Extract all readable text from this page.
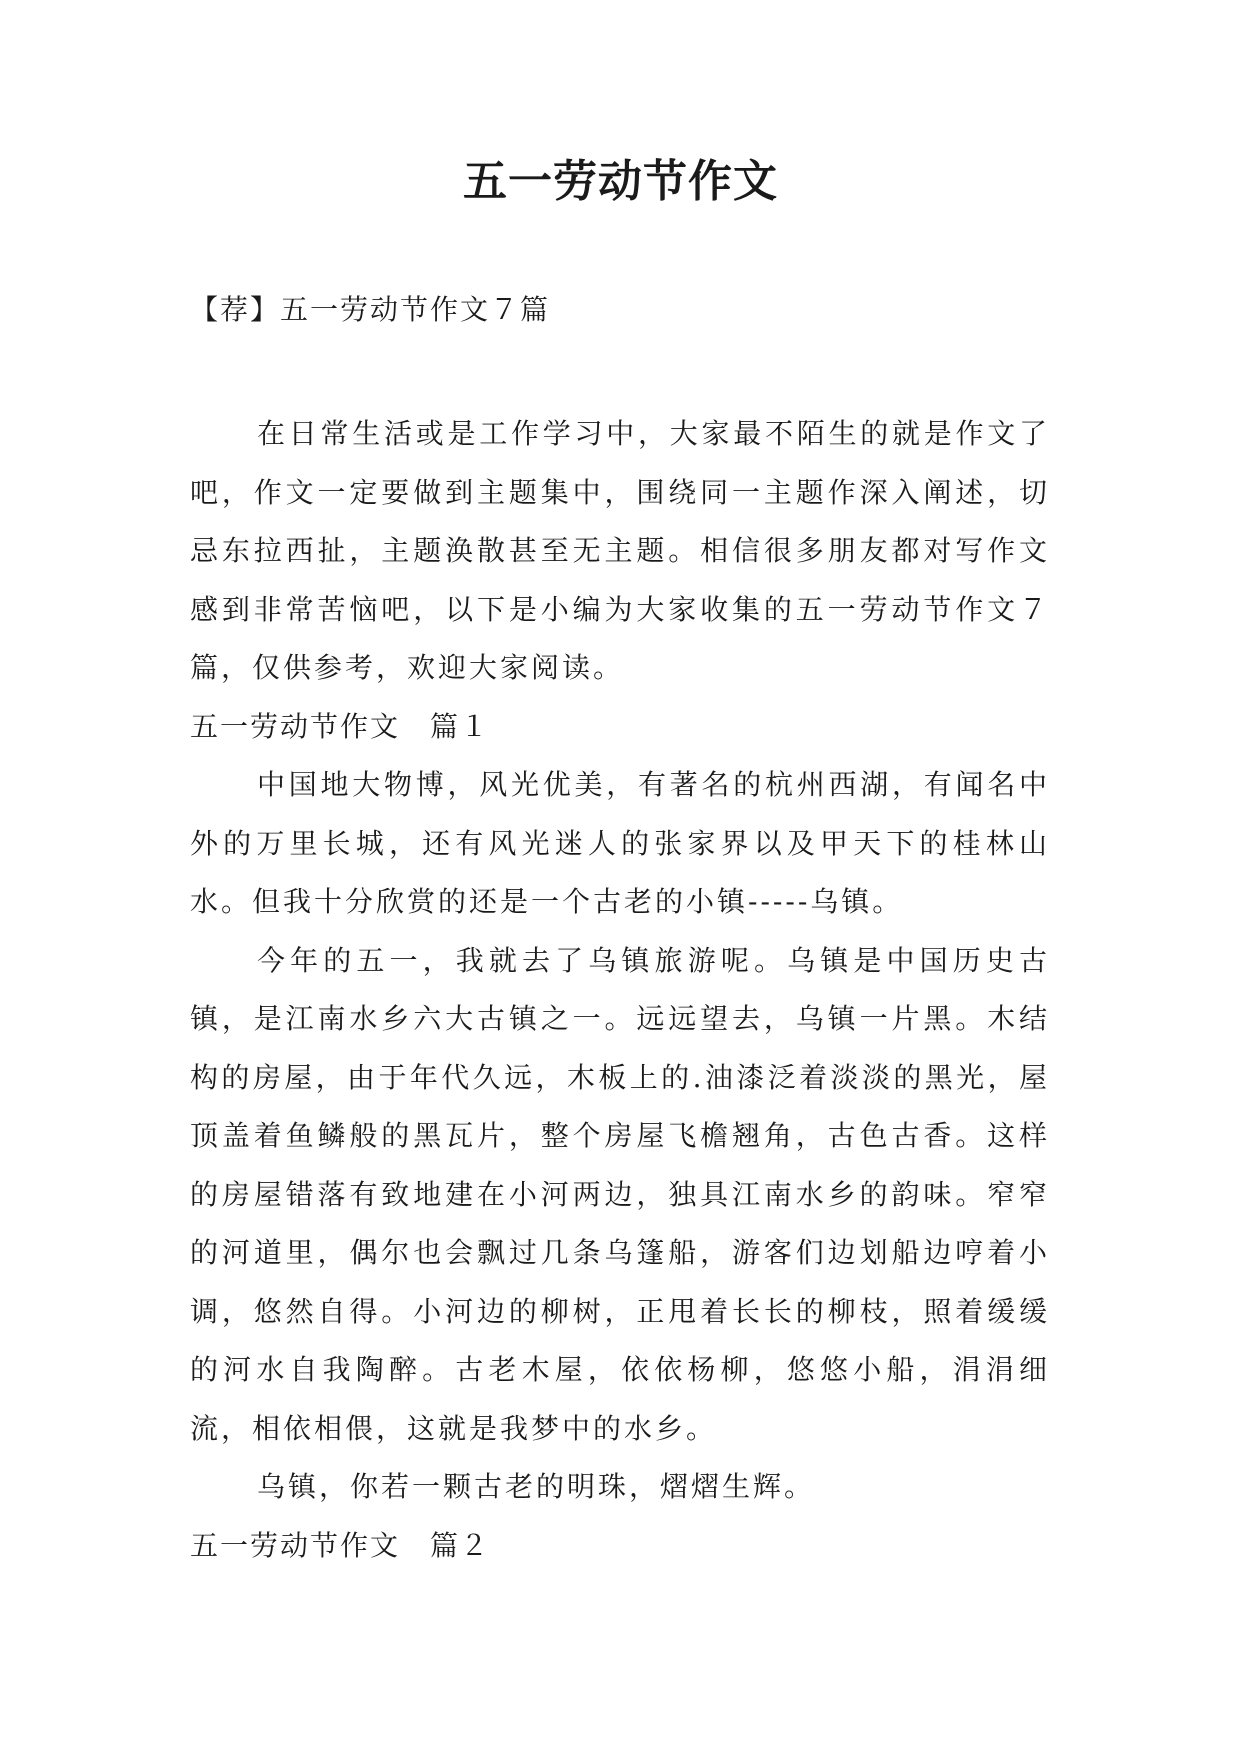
五一劳动节作文
【荐】五一劳动节作文７篇

在日常生活或是工作学习中，大家最不陌生的就是作文了吧，作文一定要做到主题集中，围绕同一主题作深入阐述，切忌东拉西扯，主题涣散甚至无主题。相信很多朋友都对写作文感到非常苦恼吧，以下是小编为大家收集的五一劳动节作文７篇，仅供参考，欢迎大家阅读。

五一劳动节作文　篇１

中国地大物博，风光优美，有著名的杭州西湖，有闻名中外的万里长城，还有风光迷人的张家界以及甲天下的桂林山水。但我十分欣赏的还是一个古老的小镇-----乌镇。

今年的五一，我就去了乌镇旅游呢。乌镇是中国历史古镇，是江南水乡六大古镇之一。远远望去，乌镇一片黑。木结构的房屋，由于年代久远，木板上的.油漆泛着淡淡的黑光，屋顶盖着鱼鳞般的黑瓦片，整个房屋飞檐翘角，古色古香。这样的房屋错落有致地建在小河两边，独具江南水乡的韵味。窄窄的河道里，偶尔也会飘过几条乌篷船，游客们边划船边哼着小调，悠然自得。小河边的柳树，正甩着长长的柳枝，照着缓缓的河水自我陶醉。古老木屋，依依杨柳，悠悠小船，涓涓细流，相依相偎，这就是我梦中的水乡。

乌镇，你若一颗古老的明珠，熠熠生辉。

五一劳动节作文　篇２
